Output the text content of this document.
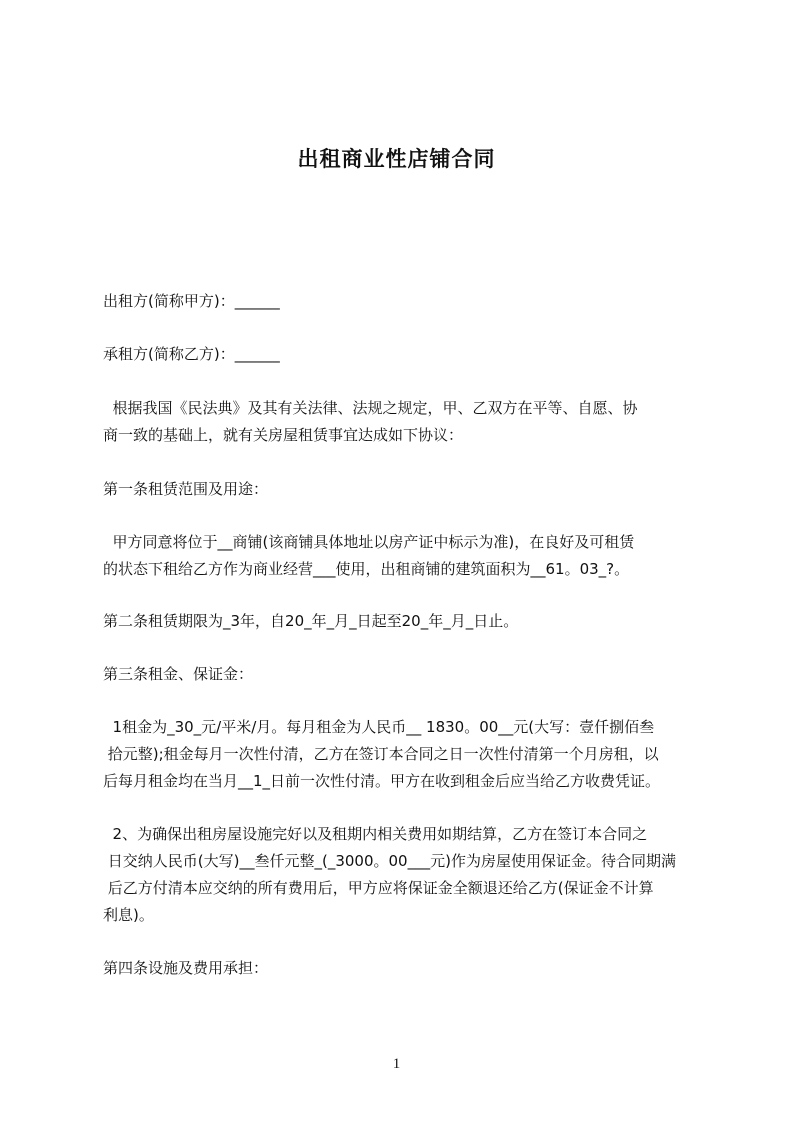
出租商业性店铺合同

出租方(简称甲方)：______

承租方(简称乙方)：______

根据我国《民法典》及其有关法律、法规之规定，甲、乙双方在平等、自愿、协

商一致的基础上，就有关房屋租赁事宜达成如下协议：

第一条租赁范围及用途：

甲方同意将位于__商铺(该商铺具体地址以房产证中标示为准)，在良好及可租赁

的状态下租给乙方作为商业经营___使用，出租商铺的建筑面积为__61。03_?。

第二条租赁期限为_3年，自20_年_月_日起至20_年_月_日止。

第三条租金、保证金：

1租金为_30_元/平米/月。每月租金为人民币__ 1830。00__元(大写：壹仟捌佰叁

拾元整);租金每月一次性付清，乙方在签订本合同之日一次性付清第一个月房租，以

后每月租金均在当月__1_日前一次性付清。甲方在收到租金后应当给乙方收费凭证。

2、为确保出租房屋设施完好以及租期内相关费用如期结算，乙方在签订本合同之

日交纳人民币(大写)__叁仟元整_(_3000。00___元)作为房屋使用保证金。待合同期满

后乙方付清本应交纳的所有费用后，甲方应将保证金全额退还给乙方(保证金不计算

利息)。

第四条设施及费用承担：

1
